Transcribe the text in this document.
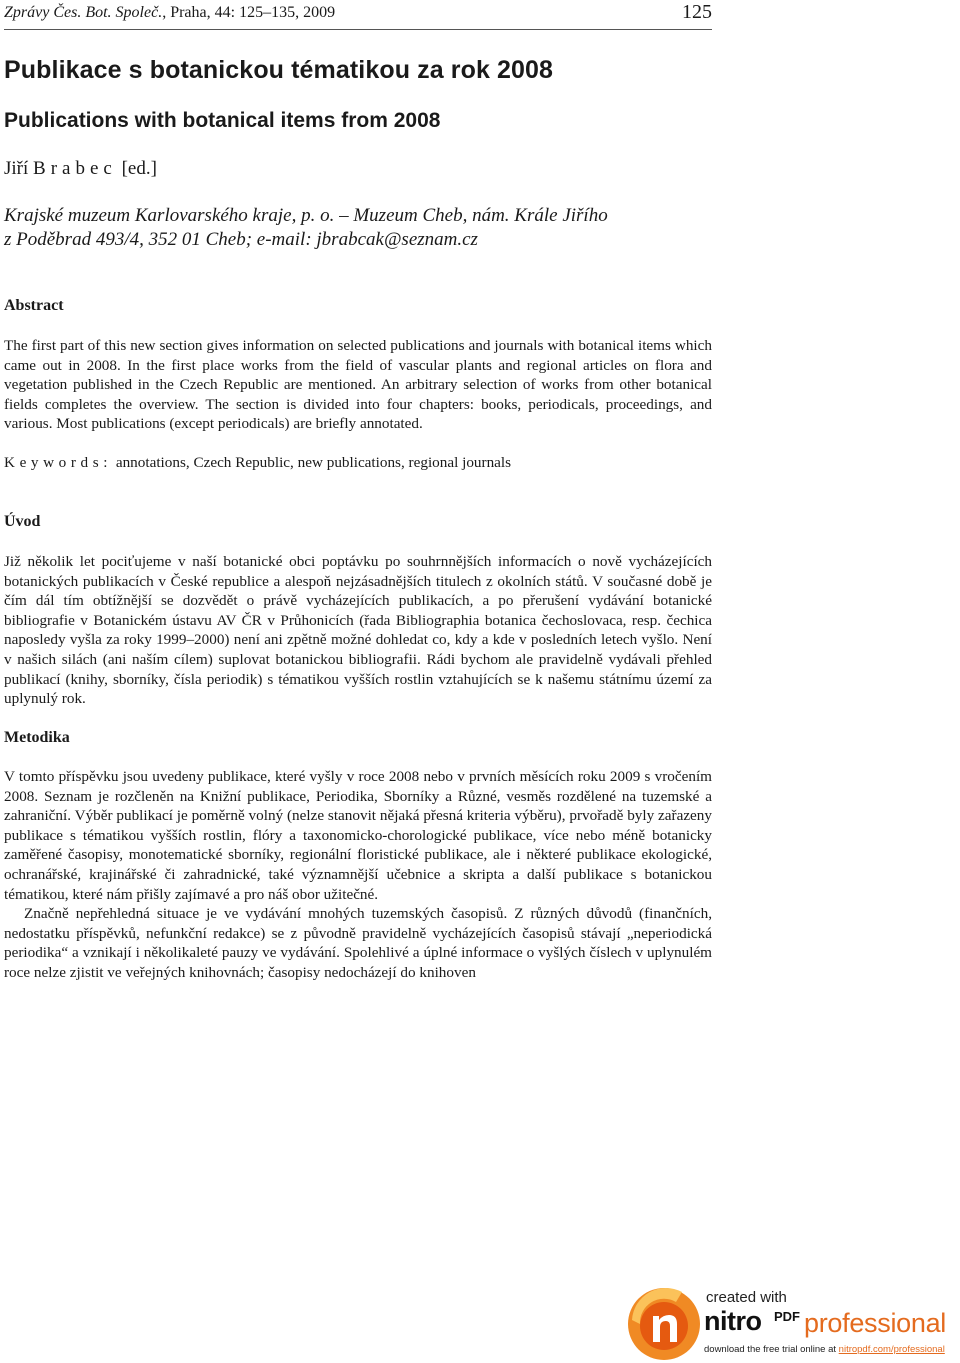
Zprávy Čes. Bot. Společ., Praha, 44: 125–135, 2009	125
Publikace s botanickou tématikou za rok 2008
Publications with botanical items from 2008
Jiří Brabec [ed.]
Krajské muzeum Karlovarského kraje, p. o. – Muzeum Cheb, nám. Krále Jiřího
z Poděbrad 493/4, 352 01 Cheb; e-mail: jbrabcak@seznam.cz
Abstract
The first part of this new section gives information on selected publications and journals with botanical items which came out in 2008. In the first place works from the field of vascular plants and regional articles on flora and vegetation published in the Czech Republic are mentioned. An arbitrary selection of works from other botanical fields completes the overview. The section is divided into four chapters: books, periodicals, proceedings, and various. Most publications (except periodicals) are briefly annotated.
Keywords: annotations, Czech Republic, new publications, regional journals
Úvod
Již několik let pociťujeme v naší botanické obci poptávku po souhrnnějších informacích o nově vycházejících botanických publikacích v České republice a alespoň nejzásadnějších titulech z okolních států. V současné době je čím dál tím obtížnější se dozvědět o právě vycházejících publikacích, a po přerušení vydávání botanické bibliografie v Botanickém ústavu AV ČR v Průhonicích (řada Bibliographia botanica čechoslovaca, resp. čechica naposledy vyšla za roky 1999–2000) není ani zpětně možné dohledat co, kdy a kde v posledních letech vyšlo. Není v našich silách (ani naším cílem) suplovat botanickou bibliografii. Rádi bychom ale pravidelně vydávali přehled publikací (knihy, sborníky, čísla periodik) s tématikou vyšších rostlin vztahujících se k našemu státnímu území za uplynulý rok.
Metodika

V tomto příspěvku jsou uvedeny publikace, které vyšly v roce 2008 nebo v prvních měsících roku 2009 s vročením 2008. Seznam je rozčleněn na Knižní publikace, Periodika, Sborníky a Různé, vesměs rozdělené na tuzemské a zahraniční. Výběr publikací je poměrně volný (nelze stanovit nějaká přesná kriteria výběru), prvořadě byly zařazeny publikace s tématikou vyšších rostlin, flóry a taxonomicko-chorologické publikace, více nebo méně botanicky zaměřené časopisy, monotematické sborníky, regionální floristické publikace, ale i některé publikace ekologické, ochranářské, krajinářské či zahradnické, také významnější učebnice a skripta a další publikace s botanickou tématikou, které nám přišly zajímavé a pro náš obor užitečné.

Značně nepřehledná situace je ve vydávání mnohých tuzemských časopisů. Z různých důvodů (finančních, nedostatku příspěvků, nefunkční redakce) se z původně pravidelně vycházejících časopisů stávají „neperiodická periodika“ a vznikají i několikaleté pauzy ve vydávání. Spolehlivé a úplné informace o vyšlých číslech v uplynulém roce nelze zjistit ve veřejných knihovnách; časopisy nedocházejí do knihoven

created with
nitro PDF professional
download the free trial online at nitropdf.com/professional
